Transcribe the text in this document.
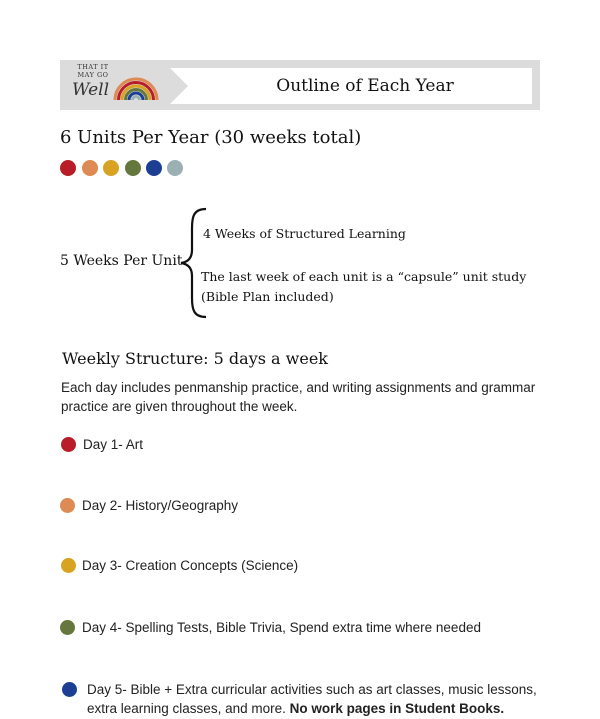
THAT IT
MAY GO
Well	Outline of Each Year
6 Units Per Year (30 weeks total)
5 Weeks Per Unit
4 Weeks of Structured Learning
The last week of each unit is a “capsule” unit study (Bible Plan included)
Weekly Structure: 5 days a week
Each day includes penmanship practice, and writing assignments and grammar practice are given throughout the week.
Day 1- Art
Day 2- History/Geography
Day 3- Creation Concepts (Science)
Day 4- Spelling Tests, Bible Trivia, Spend extra time where needed
Day 5- Bible + Extra curricular activities such as art classes, music lessons, extra learning classes, and more. No work pages in Student Books.
